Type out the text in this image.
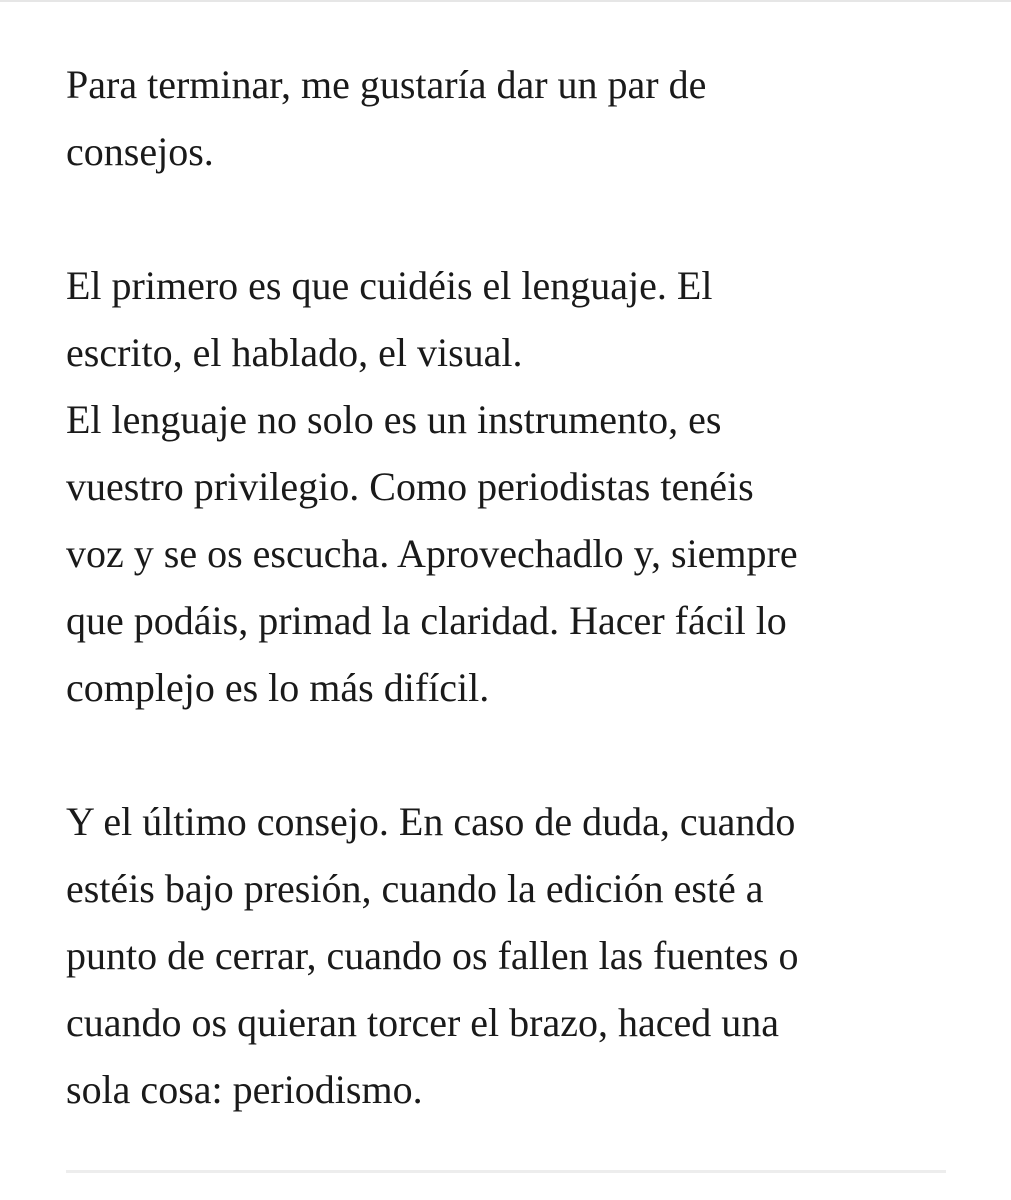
Para terminar, me gustaría dar un par de
consejos.

El primero es que cuidéis el lenguaje. El
escrito, el hablado, el visual.

El lenguaje no solo es un instrumento, es
vuestro privilegio. Como periodistas tenéis
voz y se os escucha. Aprovechadlo y, siempre
que podáis, primad la claridad. Hacer fácil lo
complejo es lo más difícil.

Y el último consejo. En caso de duda, cuando
estéis bajo presión, cuando la edición esté a
punto de cerrar, cuando os fallen las fuentes o
cuando os quieran torcer el brazo, haced una
sola cosa: periodismo.
